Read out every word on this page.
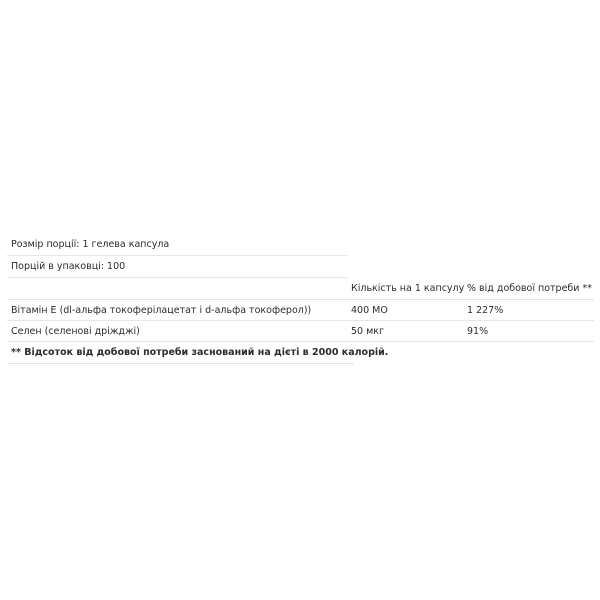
Розмір порції: 1 гелева капсула
Порцій в упаковці: 100
Кількість на 1 капсулу % від добової потреби **
Вітамін Е (dl-альфа токоферілацетат і d-альфа токоферол))	400 МО	1 227%
Селен (селенові дріжджі)	50 мкг	91%
** Відсоток від добової потреби заснований на дієті в 2000 калорій.
